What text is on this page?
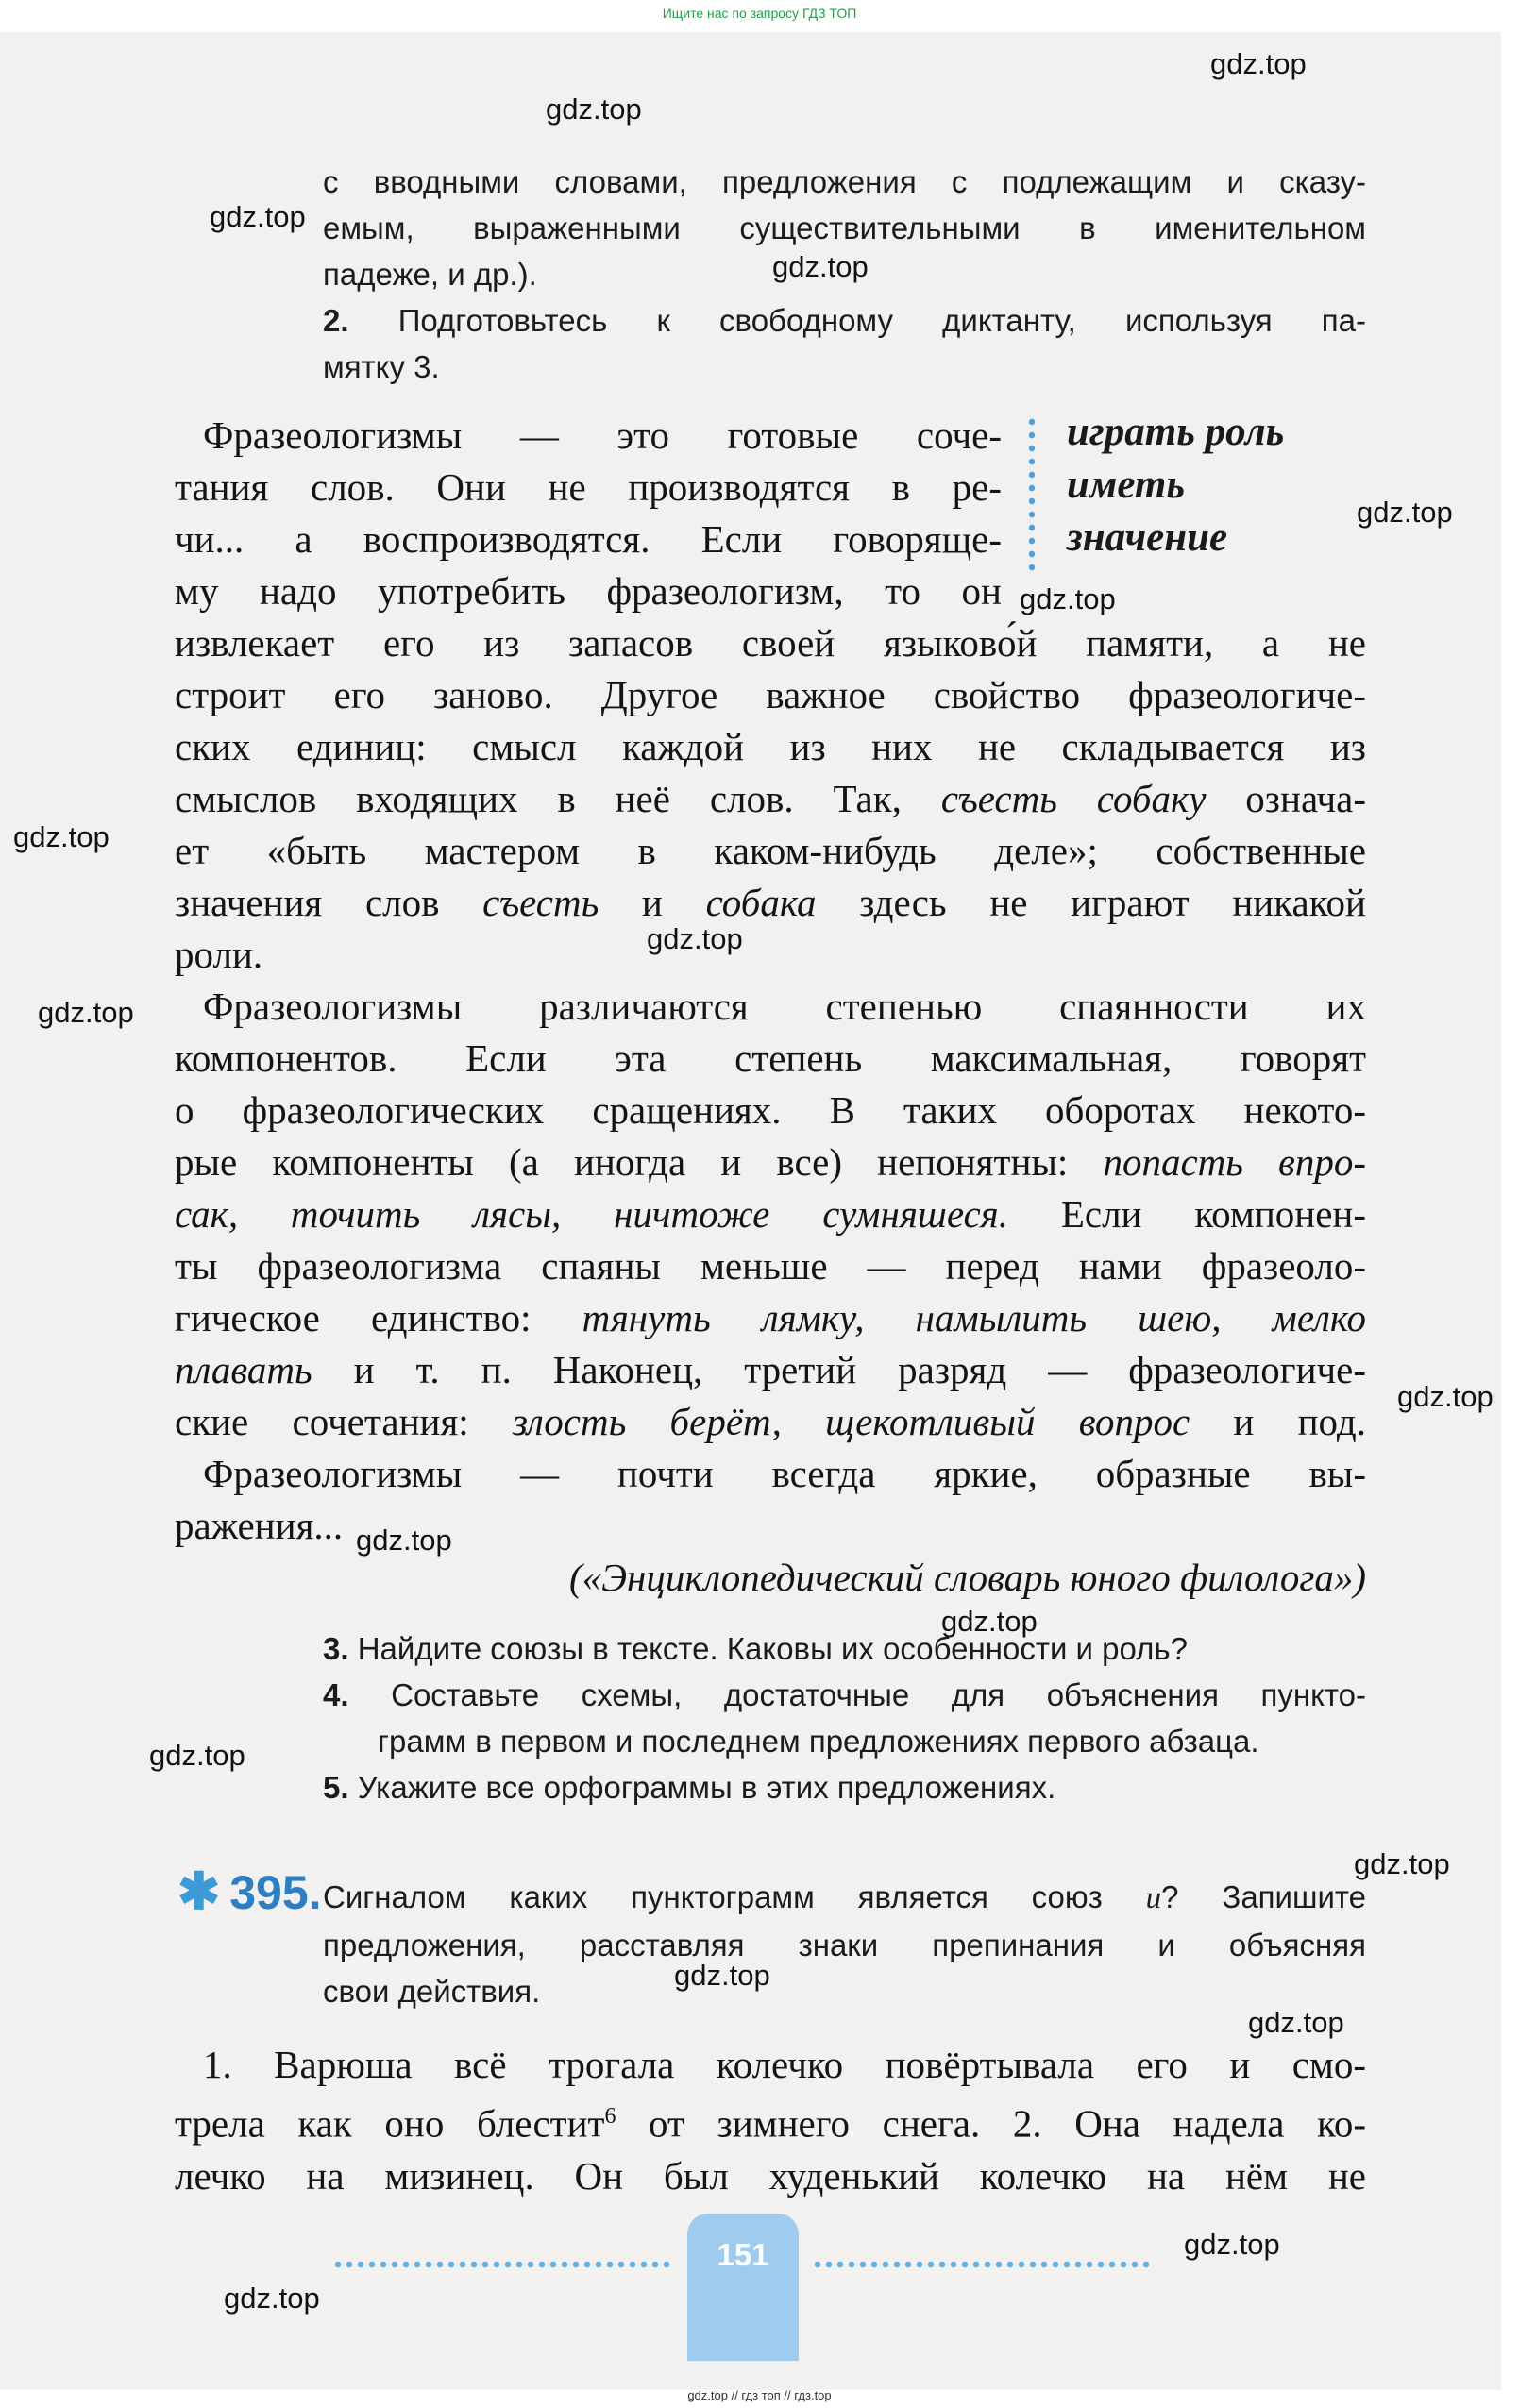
Ищите нас по запросу ГДЗ ТОП
gdz.top
gdz.top
gdz.top
gdz.top
gdz.top
gdz.top
gdz.top
gdz.top
gdz.top
gdz.top
gdz.top
gdz.top
gdz.top
gdz.top
gdz.top
gdz.top
gdz.top
gdz.top
с вводными словами, предложения с подлежащим и сказу-
емым, выраженными существительными в именительном
падеже, и др.).
2. Подготовьтесь к свободному диктанту, используя па-
мятку 3.
играть роль
иметь
значение
Фразеологизмы — это готовые соче-
тания слов. Они не производятся в ре-
чи... а воспроизводятся. Если говоряще-
му надо употребить фразеологизм, то он
извлекает его из запасов своей языково́й памяти, а не
строит его заново. Другое важное свойство фразеологиче-
ских единиц: смысл каждой из них не складывается из
смыслов входящих в неё слов. Так, съесть собаку означа-
ет «быть мастером в каком-нибудь деле»; собственные
значения слов съесть и собака здесь не играют никакой
роли.
Фразеологизмы различаются степенью спаянности их
компонентов. Если эта степень максимальная, говорят
о фразеологических сращениях. В таких оборотах некото-
рые компоненты (а иногда и все) непонятны: попасть впро-
сак, точить лясы, ничтоже сумняшеся. Если компонен-
ты фразеологизма спаяны меньше — перед нами фразеоло-
гическое единство: тянуть лямку, намылить шею, мелко
плавать и т. п. Наконец, третий разряд — фразеологиче-
ские сочетания: злость берёт, щекотливый вопрос и под.
Фразеологизмы — почти всегда яркие, образные вы-
ражения...
(«Энциклопедический словарь юного филолога»)
3. Найдите союзы в тексте. Каковы их особенности и роль?
4. Составьте схемы, достаточные для объяснения пункто-
грамм в первом и последнем предложениях первого абзаца.
5. Укажите все орфограммы в этих предложениях.
✱ 395. Сигналом каких пунктограмм является союз и? Запишите
предложения, расставляя знаки препинания и объясняя
свои действия.
1. Варюша всё трогала колечко повёртывала его и смо-
трела как оно блестит$^6$ от зимнего снега. 2. Она надела ко-
лечко на мизинец. Он был худенький колечко на нём не
151
gdz.top // гдз топ // гдз.top
